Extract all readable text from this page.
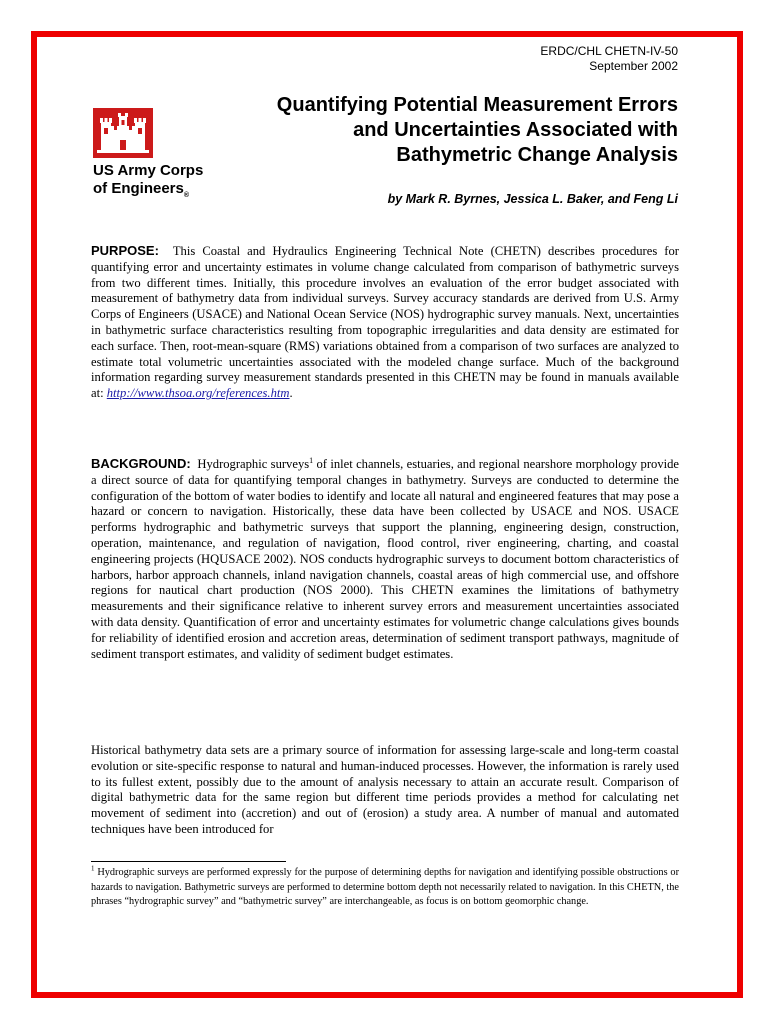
ERDC/CHL CHETN-IV-50
September 2002
US Army Corps
of Engineers$_®$
Quantifying Potential Measurement Errors and Uncertainties Associated with Bathymetric Change Analysis
by Mark R. Byrnes, Jessica L. Baker, and Feng Li

PURPOSE: This Coastal and Hydraulics Engineering Technical Note (CHETN) describes procedures for quantifying error and uncertainty estimates in volume change calculated from comparison of bathymetric surveys from two different times. Initially, this procedure involves an evaluation of the error budget associated with measurement of bathymetry data from individual surveys. Survey accuracy standards are derived from U.S. Army Corps of Engineers (USACE) and National Ocean Service (NOS) hydrographic survey manuals. Next, uncertainties in bathymetric surface characteristics resulting from topographic irregularities and data density are estimated for each surface. Then, root-mean-square (RMS) variations obtained from a comparison of two surfaces are analyzed to estimate total volumetric uncertainties associated with the modeled change surface. Much of the background information regarding survey measurement standards presented in this CHETN may be found in manuals available at: http://www.thsoa.org/references.htm.

BACKGROUND: Hydrographic surveys$^1$ of inlet channels, estuaries, and regional nearshore morphology provide a direct source of data for quantifying temporal changes in bathymetry. Surveys are conducted to determine the configuration of the bottom of water bodies to identify and locate all natural and engineered features that may pose a hazard or concern to navigation. Historically, these data have been collected by USACE and NOS. USACE performs hydrographic and bathymetric surveys that support the planning, engineering design, construction, operation, maintenance, and regulation of navigation, flood control, river engineering, charting, and coastal engineering projects (HQUSACE 2002). NOS conducts hydrographic surveys to document bottom characteristics of harbors, harbor approach channels, inland navigation channels, coastal areas of high commercial use, and offshore regions for nautical chart production (NOS 2000). This CHETN examines the limitations of bathymetry measurements and their significance relative to inherent survey errors and measurement uncertainties associated with data density. Quantification of error and uncertainty estimates for volumetric change calculations gives bounds for reliability of identified erosion and accretion areas, determination of sediment transport pathways, magnitude of sediment transport estimates, and validity of sediment budget estimates.

Historical bathymetry data sets are a primary source of information for assessing large-scale and long-term coastal evolution or site-specific response to natural and human-induced processes. However, the information is rarely used to its fullest extent, possibly due to the amount of analysis necessary to attain an accurate result. Comparison of digital bathymetric data for the same region but different time periods provides a method for calculating net movement of sediment into (accretion) and out of (erosion) a study area. A number of manual and automated techniques have been introduced for

$^1$ Hydrographic surveys are performed expressly for the purpose of determining depths for navigation and identifying possible obstructions or hazards to navigation. Bathymetric surveys are performed to determine bottom depth not necessarily related to navigation. In this CHETN, the phrases “hydrographic survey” and “bathymetric survey” are interchangeable, as focus is on bottom geomorphic change.
